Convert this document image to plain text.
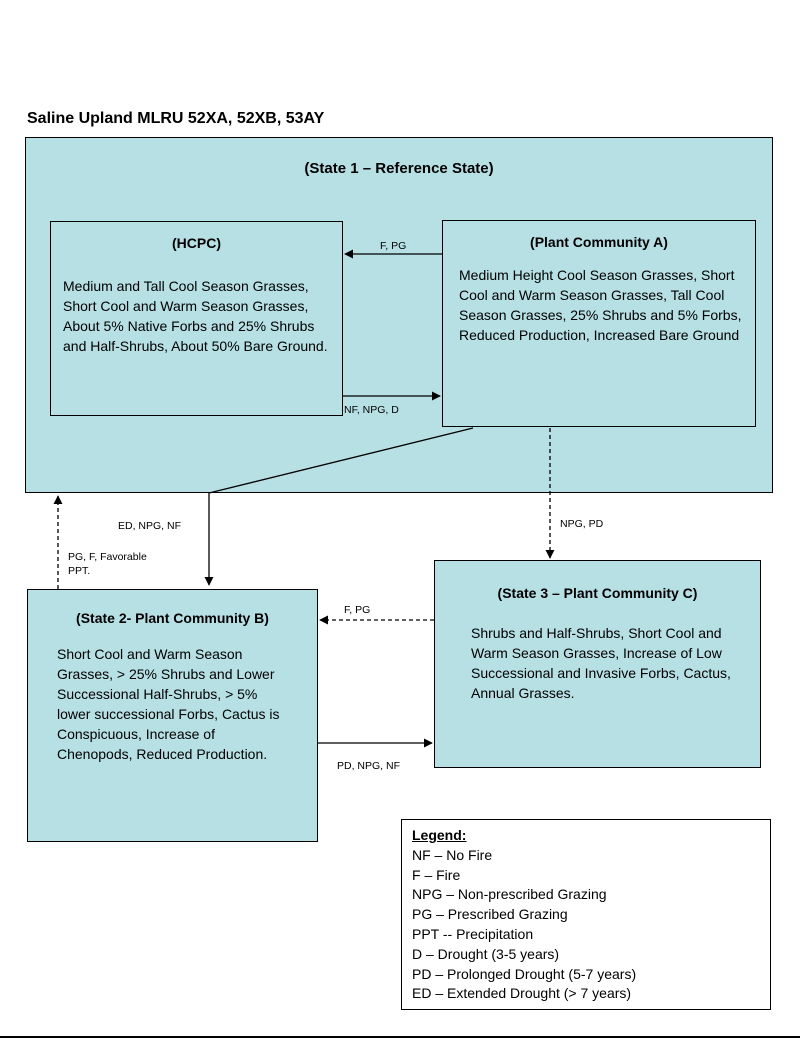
Saline Upland MLRU 52XA, 52XB, 53AY
(State 1 – Reference State)
(HCPC)
Medium and Tall Cool Season Grasses, Short Cool and Warm Season Grasses, About 5% Native Forbs and 25% Shrubs and Half-Shrubs, About 50% Bare Ground.
(Plant Community A)
Medium Height Cool Season Grasses, Short Cool and Warm Season Grasses, Tall Cool Season Grasses, 25% Shrubs and 5% Forbs, Reduced Production, Increased Bare Ground
(State 2- Plant Community B)
Short Cool and Warm Season Grasses, > 25% Shrubs and Lower Successional Half-Shrubs, > 5% lower successional Forbs, Cactus is Conspicuous, Increase of Chenopods, Reduced Production.
(State 3 – Plant Community C)
Shrubs and Half-Shrubs, Short Cool and Warm Season Grasses, Increase of Low Successional and Invasive Forbs, Cactus, Annual Grasses.
F, PG
NF, NPG, D
ED, NPG, NF
PG, F, Favorable
PPT.
NPG, PD
F, PG
PD, NPG, NF
Legend:
NF – No Fire
F – Fire
NPG – Non-prescribed Grazing
PG – Prescribed Grazing
PPT -- Precipitation
D – Drought (3-5 years)
PD – Prolonged Drought (5-7 years)
ED – Extended Drought (> 7 years)
